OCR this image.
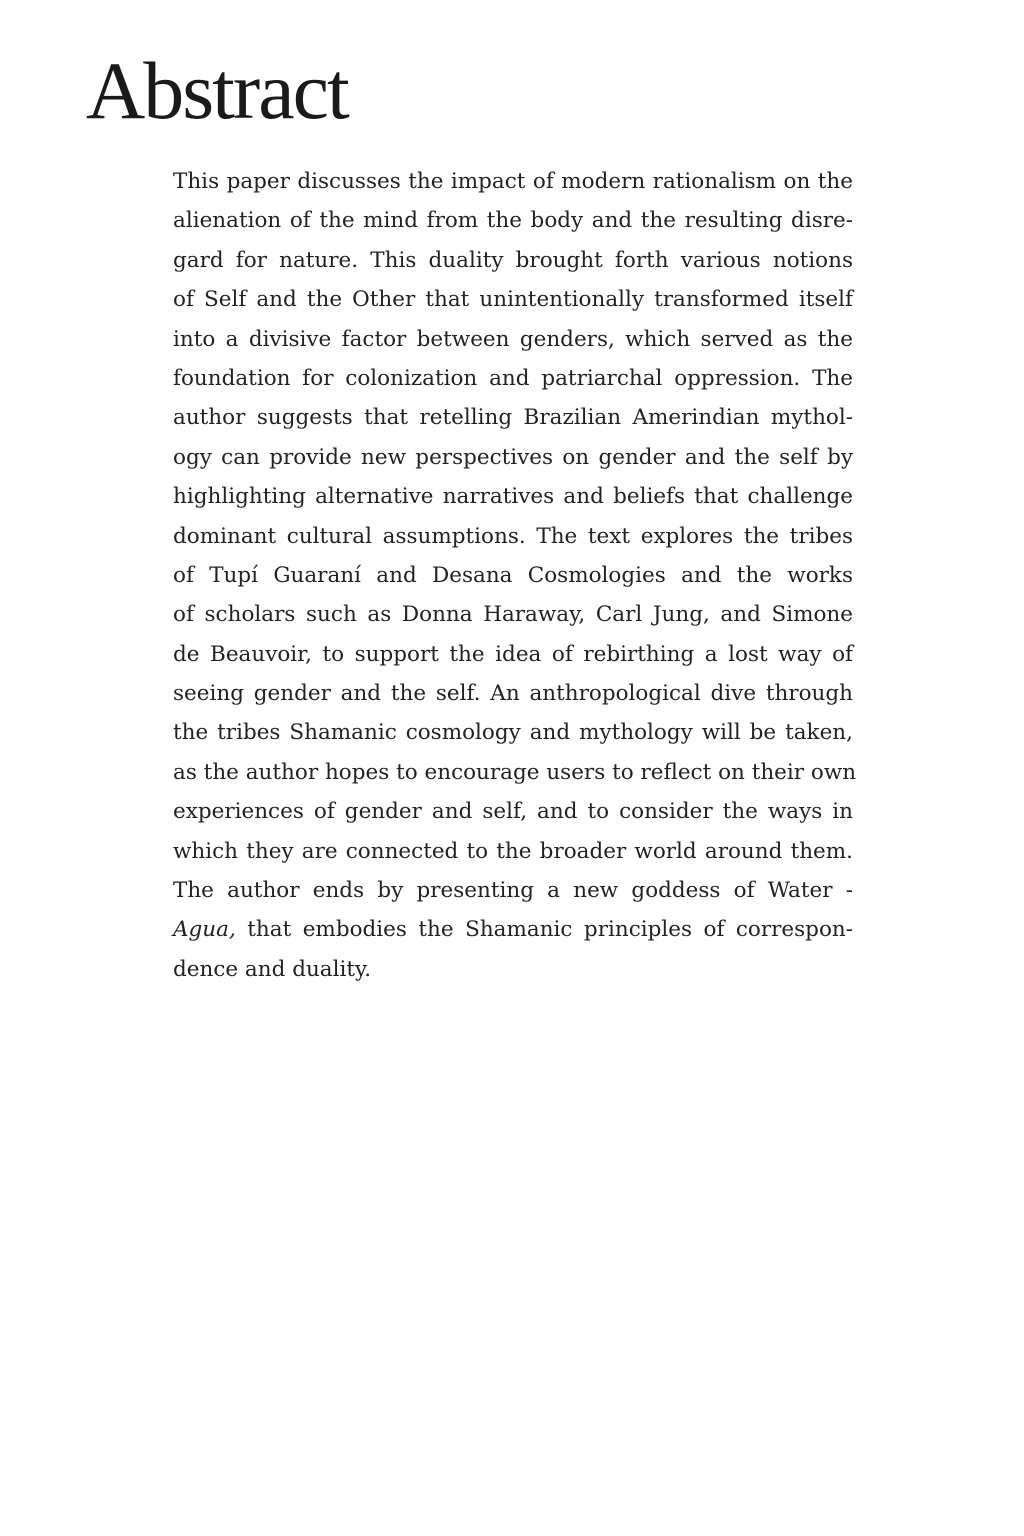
Abstract
This paper discusses the impact of modern rationalism on the
alienation of the mind from the body and the resulting disre-
gard for nature. This duality brought forth various notions
of Self and the Other that unintentionally transformed itself
into a divisive factor between genders, which served as the
foundation for colonization and patriarchal oppression. The
author suggests that retelling Brazilian Amerindian mythol-
ogy can provide new perspectives on gender and the self by
highlighting alternative narratives and beliefs that challenge
dominant cultural assumptions. The text explores the tribes
of Tupí Guaraní and Desana Cosmologies and the works
of scholars such as Donna Haraway, Carl Jung, and Simone
de Beauvoir, to support the idea of rebirthing a lost way of
seeing gender and the self. An anthropological dive through
the tribes Shamanic cosmology and mythology will be taken,
as the author hopes to encourage users to reflect on their own
experiences of gender and self, and to consider the ways in
which they are connected to the broader world around them.
The author ends by presenting a new goddess of Water -
Agua, that embodies the Shamanic principles of correspon-
dence and duality.
